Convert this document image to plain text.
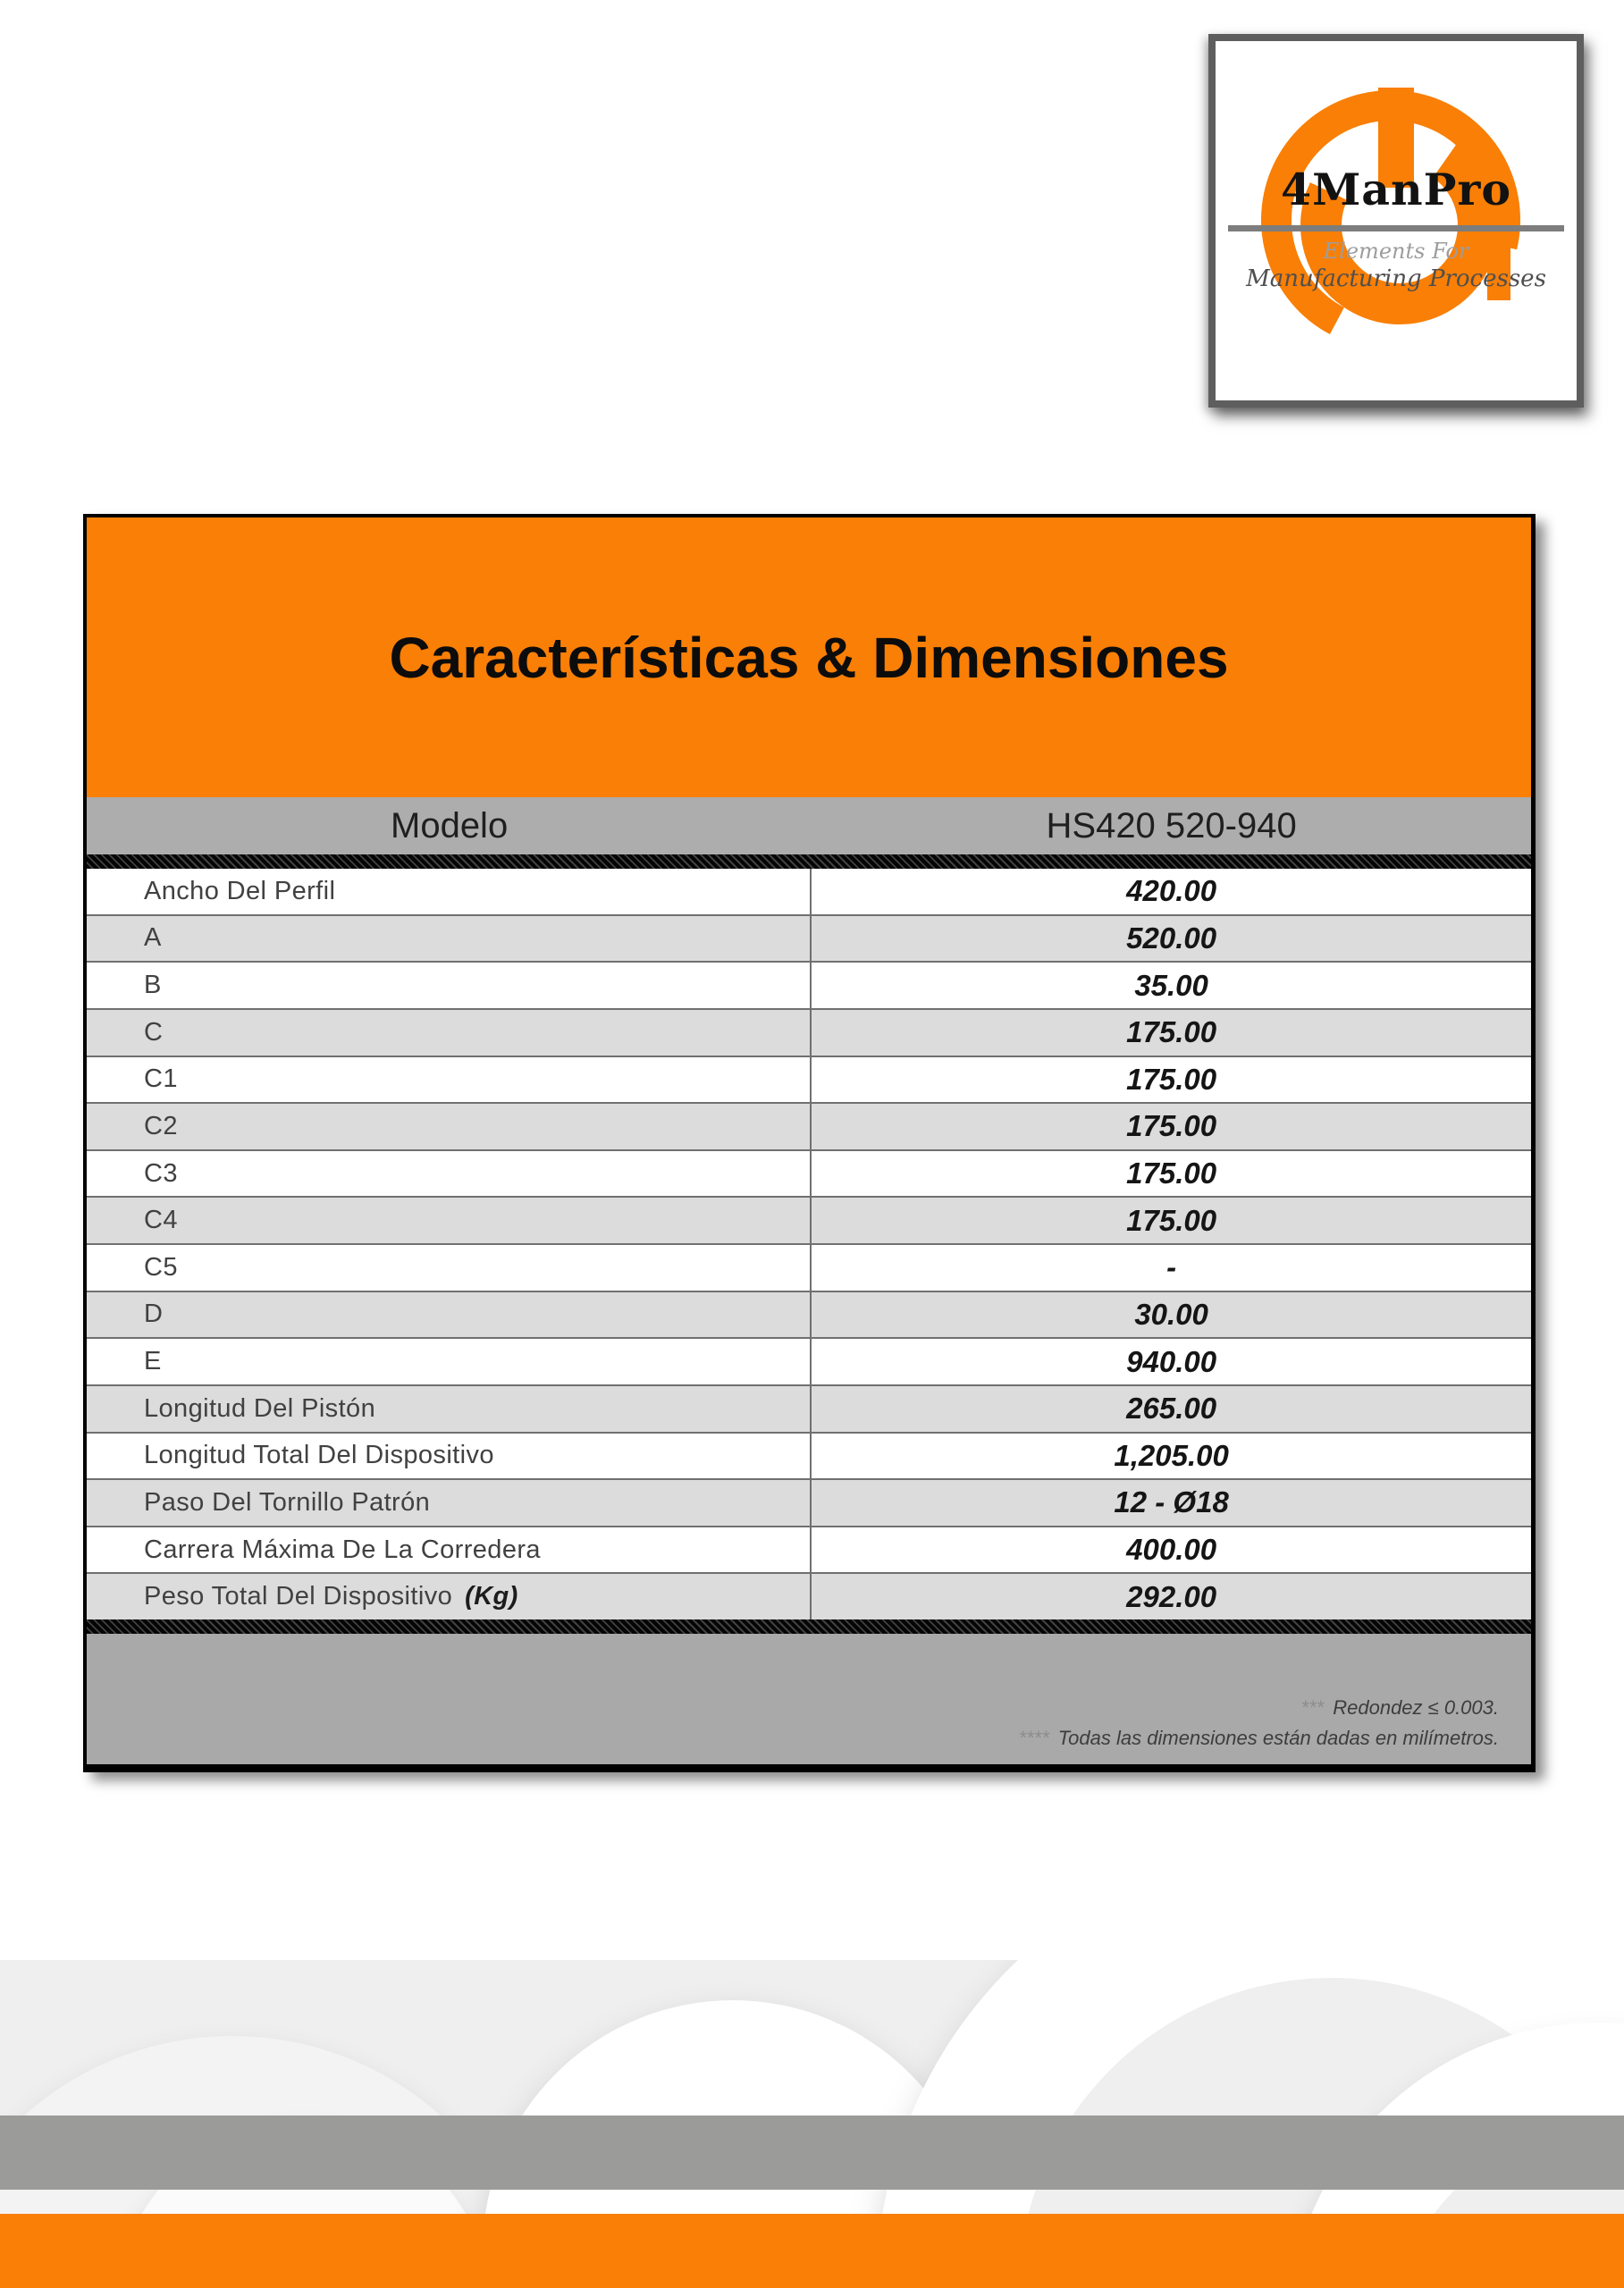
4ManPro
Elements For
Manufacturing Processes
Características & Dimensiones
Modelo	HS420 520-940
Ancho Del Perfil	420.00
A	520.00
B	35.00
C	175.00
C1	175.00
C2	175.00
C3	175.00
C4	175.00
C5	-
D	30.00
E	940.00
Longitud Del Pistón	265.00
Longitud Total Del Dispositivo	1,205.00
Paso Del Tornillo Patrón	12 - Ø18
Carrera Máxima De La Corredera	400.00
Peso Total Del Dispositivo (Kg)	292.00
*** Redondez ≤ 0.003.
**** Todas las dimensiones están dadas en milímetros.
